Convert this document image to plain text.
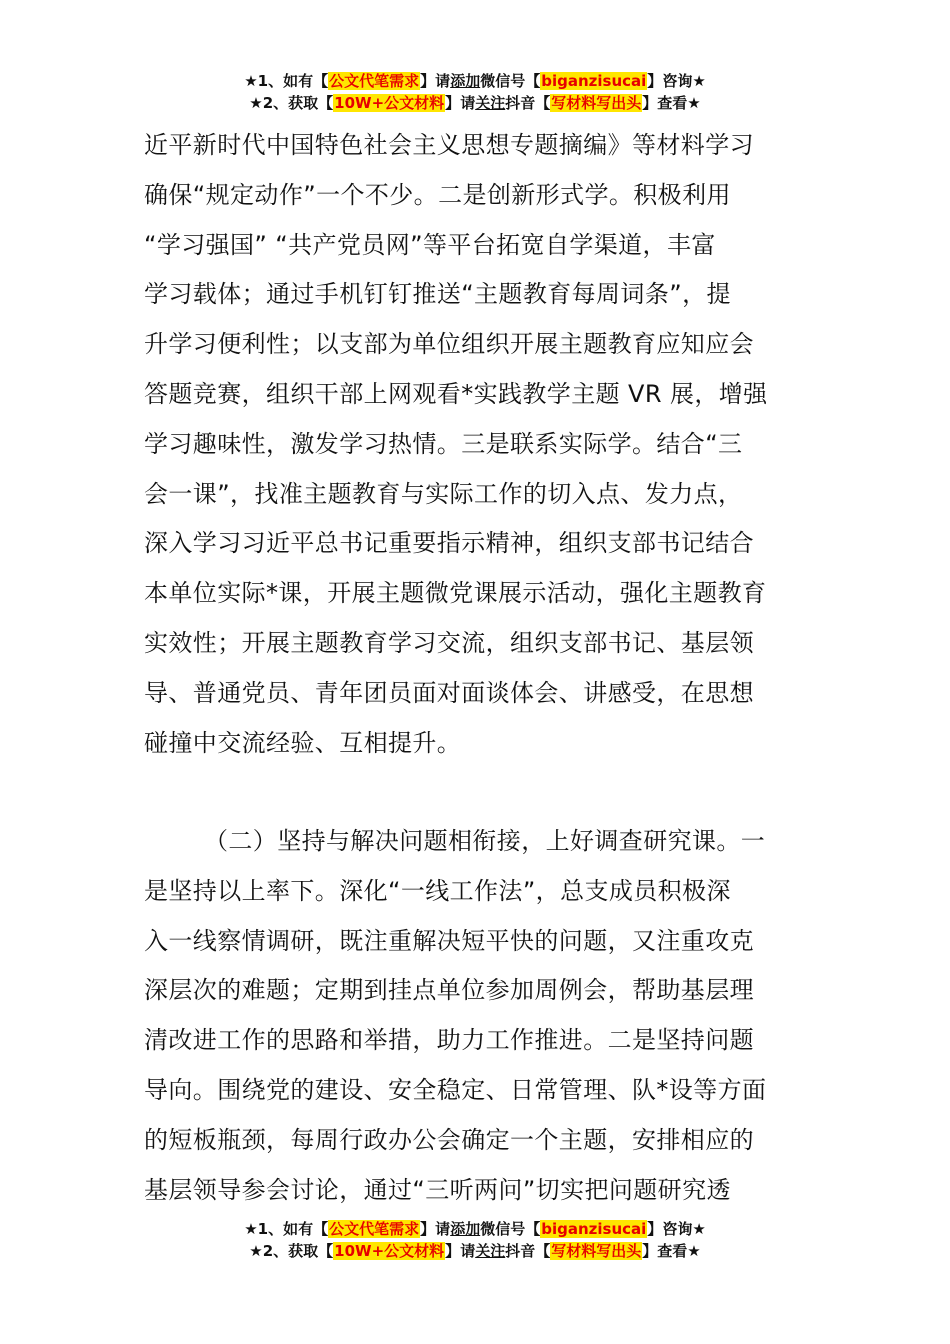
★1、如有【公文代笔需求】请添加微信号【biganzisucai】咨询★
★2、获取【10W+公文材料】请关注抖音【写材料写出头】查看★
近平新时代中国特色社会主义思想专题摘编》等材料学习
确保“规定动作”一个不少。二是创新形式学。积极利用
“学习强国” “共产党员网”等平台拓宽自学渠道，丰富
学习载体；通过手机钉钉推送“主题教育每周词条”，提
升学习便利性；以支部为单位组织开展主题教育应知应会
答题竞赛，组织干部上网观看*实践教学主题 VR 展，增强
学习趣味性，激发学习热情。三是联系实际学。结合“三
会一课”，找准主题教育与实际工作的切入点、发力点，
深入学习习近平总书记重要指示精神，组织支部书记结合
本单位实际*课，开展主题微党课展示活动，强化主题教育
实效性；开展主题教育学习交流，组织支部书记、基层领
导、普通党员、青年团员面对面谈体会、讲感受，在思想
碰撞中交流经验、互相提升。
（二）坚持与解决问题相衔接，上好调查研究课。一
是坚持以上率下。深化“一线工作法”，总支成员积极深
入一线察情调研，既注重解决短平快的问题，又注重攻克
深层次的难题；定期到挂点单位参加周例会，帮助基层理
清改进工作的思路和举措，助力工作推进。二是坚持问题
导向。围绕党的建设、安全稳定、日常管理、队*设等方面
的短板瓶颈，每周行政办公会确定一个主题，安排相应的
基层领导参会讨论，通过“三听两问”切实把问题研究透
★1、如有【公文代笔需求】请添加微信号【biganzisucai】咨询★
★2、获取【10W+公文材料】请关注抖音【写材料写出头】查看★
